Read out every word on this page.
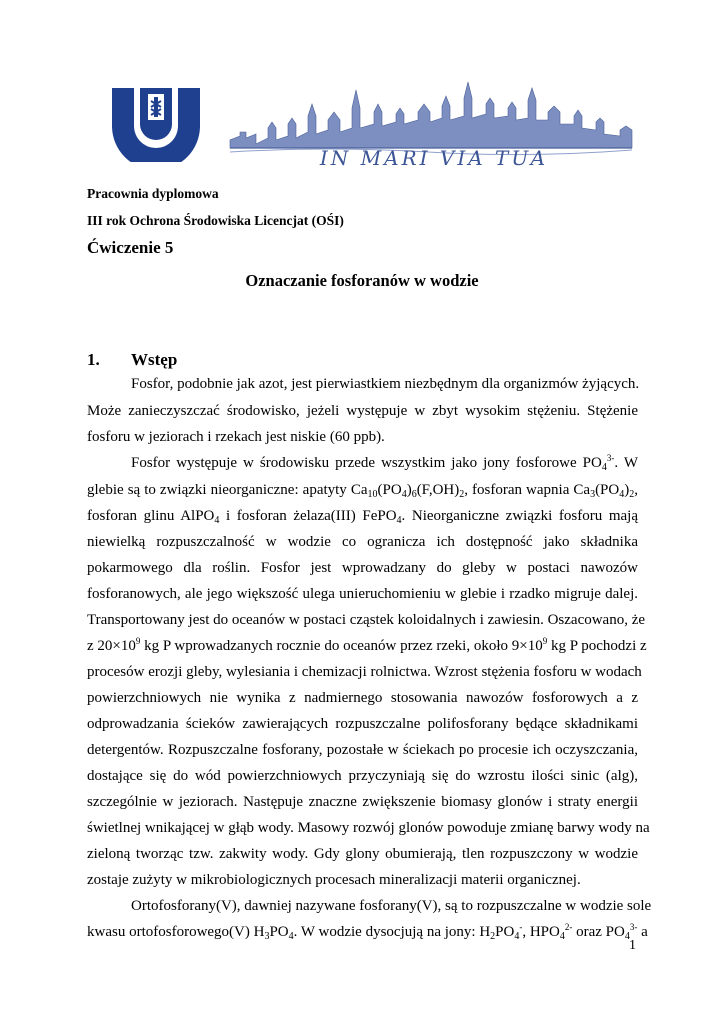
IN MARI VIA TUA
Pracownia dyplomowa
III rok Ochrona Środowiska Licencjat (OŚI)
Ćwiczenie 5
Oznaczanie fosforanów w wodzie
1. Wstęp
Fosfor, podobnie jak azot, jest pierwiastkiem niezbędnym dla organizmów żyjących.
Może zanieczyszczać środowisko, jeżeli występuje w zbyt wysokim stężeniu. Stężenie
fosforu w jeziorach i rzekach jest niskie (60 ppb).
Fosfor występuje w środowisku przede wszystkim jako jony fosforowe $PO_4^{3-}$. W
glebie są to związki nieorganiczne: apatyty $Ca_{10}(PO_4)_6(F,OH)_2$, fosforan wapnia $Ca_3(PO_4)_2$,
fosforan glinu AlPO$_4$ i fosforan żelaza(III) FePO$_4$. Nieorganiczne związki fosforu mają
niewielką rozpuszczalność w wodzie co ogranicza ich dostępność jako składnika
pokarmowego dla roślin. Fosfor jest wprowadzany do gleby w postaci nawozów
fosforanowych, ale jego większość ulega unieruchomieniu w glebie i rzadko migruje dalej.
Transportowany jest do oceanów w postaci cząstek koloidalnych i zawiesin. Oszacowano, że
z $20\times 10^9$ kg P wprowadzanych rocznie do oceanów przez rzeki, około $9\times 10^9$ kg P pochodzi z
procesów erozji gleby, wylesiania i chemizacji rolnictwa. Wzrost stężenia fosforu w wodach
powierzchniowych nie wynika z nadmiernego stosowania nawozów fosforowych a z
odprowadzania ścieków zawierających rozpuszczalne polifosforany będące składnikami
detergentów. Rozpuszczalne fosforany, pozostałe w ściekach po procesie ich oczyszczania,
dostające się do wód powierzchniowych przyczyniają się do wzrostu ilości sinic (alg),
szczególnie w jeziorach. Następuje znaczne zwiększenie biomasy glonów i straty energii
świetlnej wnikającej w głąb wody. Masowy rozwój glonów powoduje zmianę barwy wody na
zieloną tworząc tzw. zakwity wody. Gdy glony obumierają, tlen rozpuszczony w wodzie
zostaje zużyty w mikrobiologicznych procesach mineralizacji materii organicznej.
Ortofosforany(V), dawniej nazywane fosforany(V), są to rozpuszczalne w wodzie sole
kwasu ortofosforowego(V) $H_3PO_4$. W wodzie dysocjują na jony: $H_2PO_4^-$, $HPO_4^{2-}$ oraz $PO_4^{3-}$ a
1
